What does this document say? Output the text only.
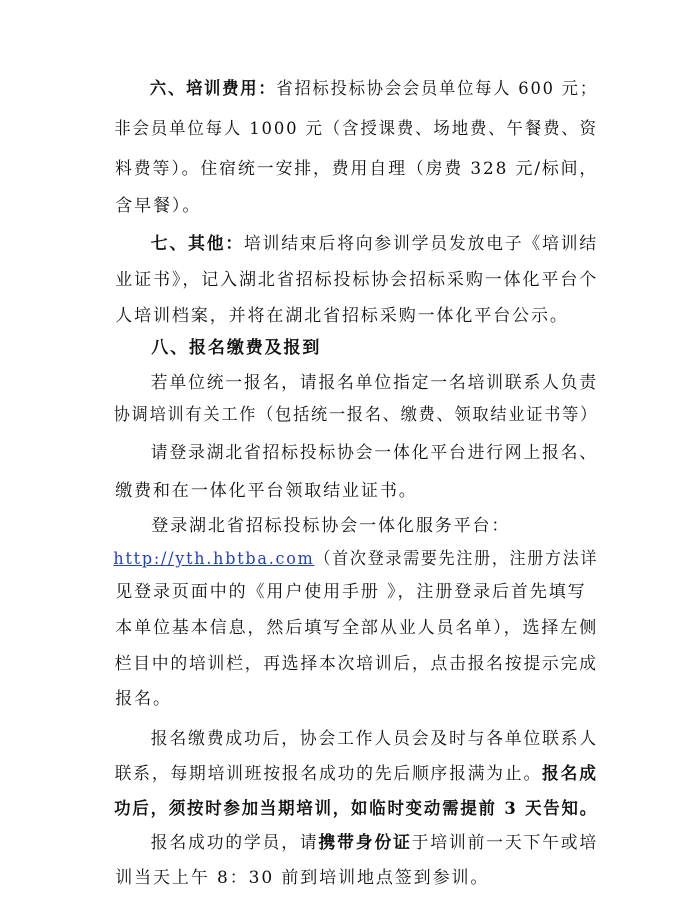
六、培训费用：省招标投标协会会员单位每人 600 元；

非会员单位每人 1000 元（含授课费、场地费、午餐费、资

料费等）。住宿统一安排，费用自理（房费 328 元/标间，

含早餐）。

七、其他：培训结束后将向参训学员发放电子《培训结

业证书》，记入湖北省招标投标协会招标采购一体化平台个

人培训档案，并将在湖北省招标采购一体化平台公示。

八、报名缴费及报到

若单位统一报名，请报名单位指定一名培训联系人负责

协调培训有关工作（包括统一报名、缴费、领取结业证书等）

请登录湖北省招标投标协会一体化平台进行网上报名、

缴费和在一体化平台领取结业证书。

登录湖北省招标投标协会一体化服务平台：

http://yth.hbtba.com（首次登录需要先注册，注册方法详

见登录页面中的《用户使用手册 》，注册登录后首先填写

本单位基本信息，然后填写全部从业人员名单），选择左侧

栏目中的培训栏，再选择本次培训后，点击报名按提示完成

报名。

报名缴费成功后，协会工作人员会及时与各单位联系人

联系，每期培训班按报名成功的先后顺序报满为止。报名成

功后，须按时参加当期培训，如临时变动需提前 3 天告知。

报名成功的学员，请携带身份证于培训前一天下午或培

训当天上午 8：30 前到培训地点签到参训。
